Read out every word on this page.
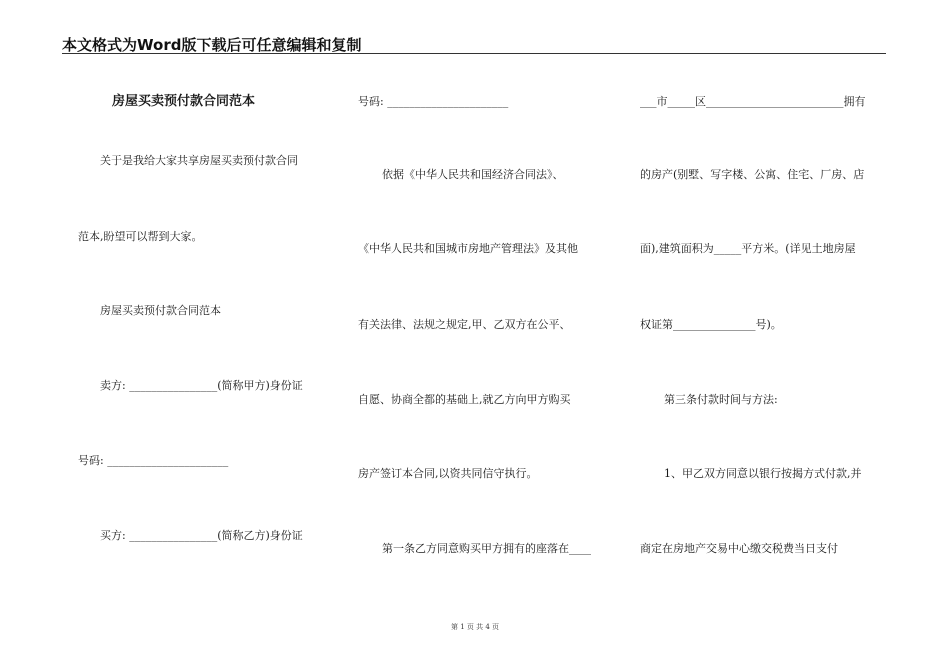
本文格式为Word版下载后可任意编辑和复制
房屋买卖预付款合同范本
关于是我给大家共享房屋买卖预付款合同
范本,盼望可以帮到大家。
房屋买卖预付款合同范本
卖方: ________________(简称甲方)身份证
号码: ______________________
买方: ________________(简称乙方)身份证
号码: ______________________
依据《中华人民共和国经济合同法》、
《中华人民共和国城市房地产管理法》及其他
有关法律、法规之规定,甲、乙双方在公平、
自愿、协商全都的基础上,就乙方向甲方购买
房产签订本合同,以资共同信守执行。
第一条乙方同意购买甲方拥有的座落在____
___市_____区_________________________拥有
的房产(别墅、写字楼、公寓、住宅、厂房、店
面),建筑面积为_____平方米。(详见土地房屋
权证第_______________号)。
第三条付款时间与方法:
1、甲乙双方同意以银行按揭方式付款,并
商定在房地产交易中心缴交税费当日支付
第 1 页 共 4 页
